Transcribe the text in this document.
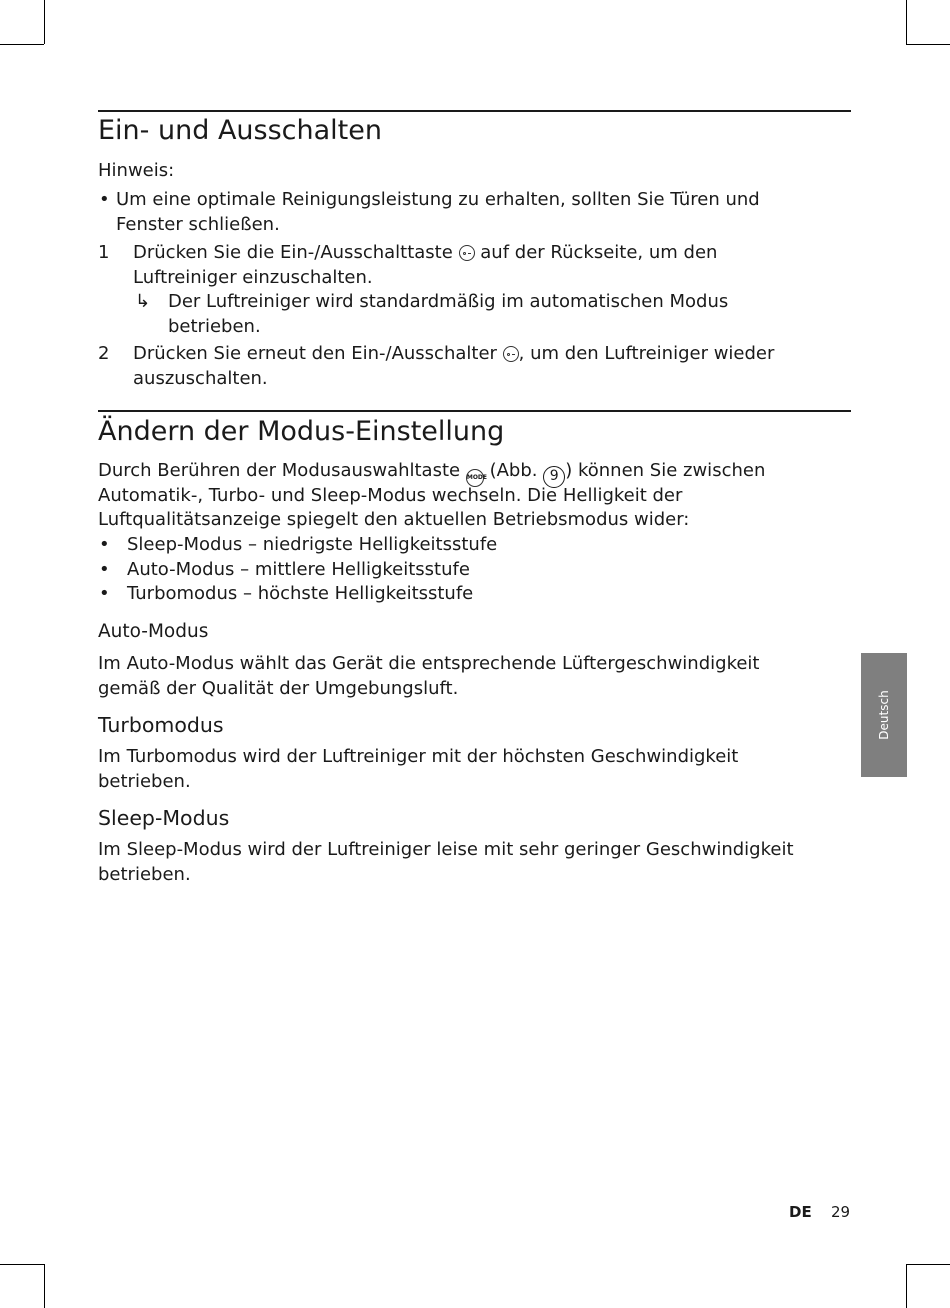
Ein- und Ausschalten
Hinweis:
• Um eine optimale Reinigungsleistung zu erhalten, sollten Sie Türen und
Fenster schließen.
1 Drücken Sie die Ein-/Ausschalttaste auf der Rückseite, um den
Luftreiniger einzuschalten.
↳ Der Luftreiniger wird standardmäßig im automatischen Modus
betrieben.
2 Drücken Sie erneut den Ein-/Ausschalter , um den Luftreiniger wieder
auszuschalten.
Ändern der Modus-Einstellung
Durch Berühren der Modusauswahltaste MODE (Abb. 9 ) können Sie zwischen
Automatik-, Turbo- und Sleep-Modus wechseln. Die Helligkeit der
Luftqualitätsanzeige spiegelt den aktuellen Betriebsmodus wider:
• Sleep-Modus – niedrigste Helligkeitsstufe
• Auto-Modus – mittlere Helligkeitsstufe
• Turbomodus – höchste Helligkeitsstufe
Auto-Modus
Im Auto-Modus wählt das Gerät die entsprechende Lüftergeschwindigkeit
gemäß der Qualität der Umgebungsluft.
Turbomodus
Im Turbomodus wird der Luftreiniger mit der höchsten Geschwindigkeit
betrieben.
Sleep-Modus
Im Sleep-Modus wird der Luftreiniger leise mit sehr geringer Geschwindigkeit
betrieben.
Deutsch
DE 29
